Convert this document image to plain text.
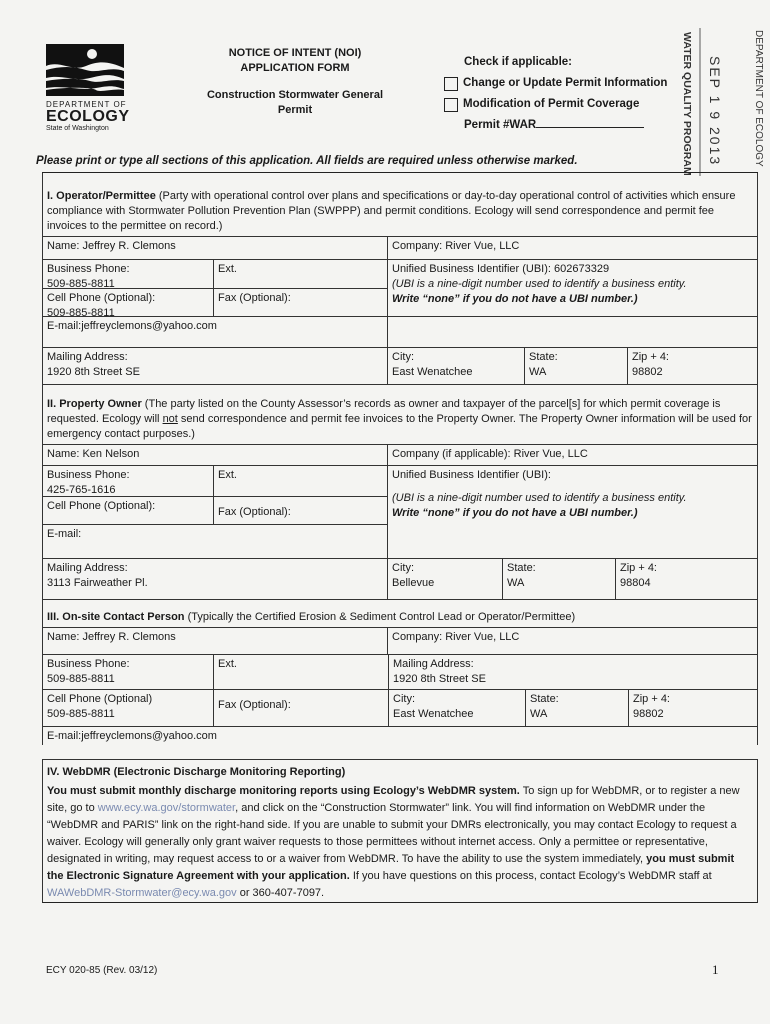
DEPARTMENT OF
ECOLOGY
State of Washington
NOTICE OF INTENT (NOI)
APPLICATION FORM
Construction Stormwater General
Permit
Check if applicable:
Change or Update Permit Information
Modification of Permit Coverage
Permit #WAR	WATER QUALITY PROGRAM SEP 1 9 2013	DEPARTMENT OF ECOLOGY
Please print or type all sections of this application. All fields are required unless otherwise marked.
I. Operator/Permittee (Party with operational control over plans and specifications or day-to-day operational control of activities which ensure compliance with Stormwater Pollution Prevention Plan (SWPPP) and permit conditions. Ecology will send correspondence and permit fee invoices to the permittee on record.)
Name: Jeffrey R. Clemons	Company: River Vue, LLC
Business Phone:
509-885-8811
Ext.
Cell Phone (Optional):
509-885-8811
Fax (Optional):
Unified Business Identifier (UBI): 602673329
(UBI is a nine-digit number used to identify a business entity.
Write “none” if you do not have a UBI number.)
E-mail:jeffreyclemons@yahoo.com
Mailing Address:
1920 8th Street SE
City:
East Wenatchee
State:
WA
Zip + 4:
98802
II. Property Owner (The party listed on the County Assessor’s records as owner and taxpayer of the parcel[s] for which permit coverage is requested. Ecology will not send correspondence and permit fee invoices to the Property Owner. The Property Owner information will be used for emergency contact purposes.)
Name: Ken Nelson	Company (if applicable): River Vue, LLC
Business Phone:
425-765-1616
Ext.
Cell Phone (Optional):	Fax (Optional):
E-mail:
Unified Business Identifier (UBI):
(UBI is a nine-digit number used to identify a business entity.
Write “none” if you do not have a UBI number.)
Mailing Address:
3113 Fairweather Pl.
City:
Bellevue
State:
WA
Zip + 4:
98804
III. On-site Contact Person (Typically the Certified Erosion & Sediment Control Lead or Operator/Permittee)
Name: Jeffrey R. Clemons	Company: River Vue, LLC
Business Phone:
509-885-8811
Ext.	Mailing Address:
1920 8th Street SE
Cell Phone (Optional)
509-885-8811
Fax (Optional):	City:
East Wenatchee
State:
WA
Zip + 4:
98802
E-mail:jeffreyclemons@yahoo.com
IV. WebDMR (Electronic Discharge Monitoring Reporting)
You must submit monthly discharge monitoring reports using Ecology’s WebDMR system. To sign up for WebDMR, or to register a new site, go to www.ecy.wa.gov/stormwater, and click on the “Construction Stormwater” link. You will find information on WebDMR under the “WebDMR and PARIS” link on the right-hand side. If you are unable to submit your DMRs electronically, you may contact Ecology to request a waiver. Ecology will generally only grant waiver requests to those permittees without internet access. Only a permittee or representative, designated in writing, may request access to or a waiver from WebDMR. To have the ability to use the system immediately, you must submit the Electronic Signature Agreement with your application. If you have questions on this process, contact Ecology’s WebDMR staff at WAWebDMR-Stormwater@ecy.wa.gov or 360-407-7097.
ECY 020-85 (Rev. 03/12)	1
